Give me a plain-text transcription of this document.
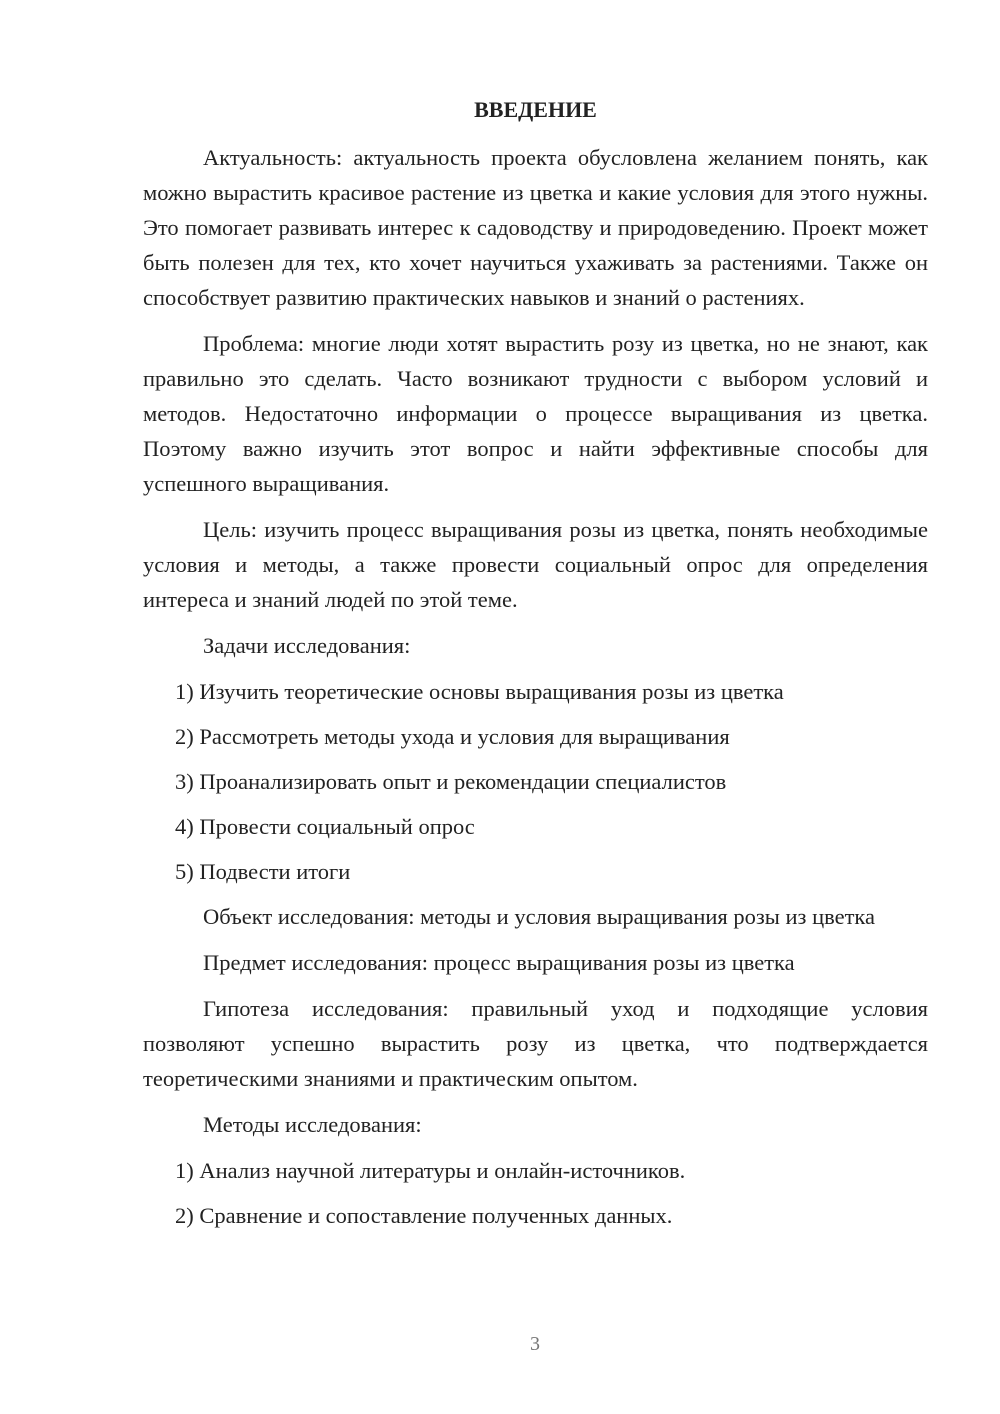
ВВЕДЕНИЕ

Актуальность: актуальность проекта обусловлена желанием понять, как можно вырастить красивое растение из цветка и какие условия для этого нужны. Это помогает развивать интерес к садоводству и природоведению. Проект может быть полезен для тех, кто хочет научиться ухаживать за растениями. Также он способствует развитию практических навыков и знаний о растениях.

Проблема: многие люди хотят вырастить розу из цветка, но не знают, как правильно это сделать. Часто возникают трудности с выбором условий и методов. Недостаточно информации о процессе выращивания из цветка. Поэтому важно изучить этот вопрос и найти эффективные способы для успешного выращивания.

Цель: изучить процесс выращивания розы из цветка, понять необходимые условия и методы, а также провести социальный опрос для определения интереса и знаний людей по этой теме.

Задачи исследования:

1) Изучить теоретические основы выращивания розы из цветка
2) Рассмотреть методы ухода и условия для выращивания
3) Проанализировать опыт и рекомендации специалистов
4) Провести социальный опрос
5) Подвести итоги

Объект исследования: методы и условия выращивания розы из цветка

Предмет исследования: процесс выращивания розы из цветка

Гипотеза исследования: правильный уход и подходящие условия позволяют успешно вырастить розу из цветка, что подтверждается теоретическими знаниями и практическим опытом.

Методы исследования:

1) Анализ научной литературы и онлайн-источников.
2) Сравнение и сопоставление полученных данных.
3
